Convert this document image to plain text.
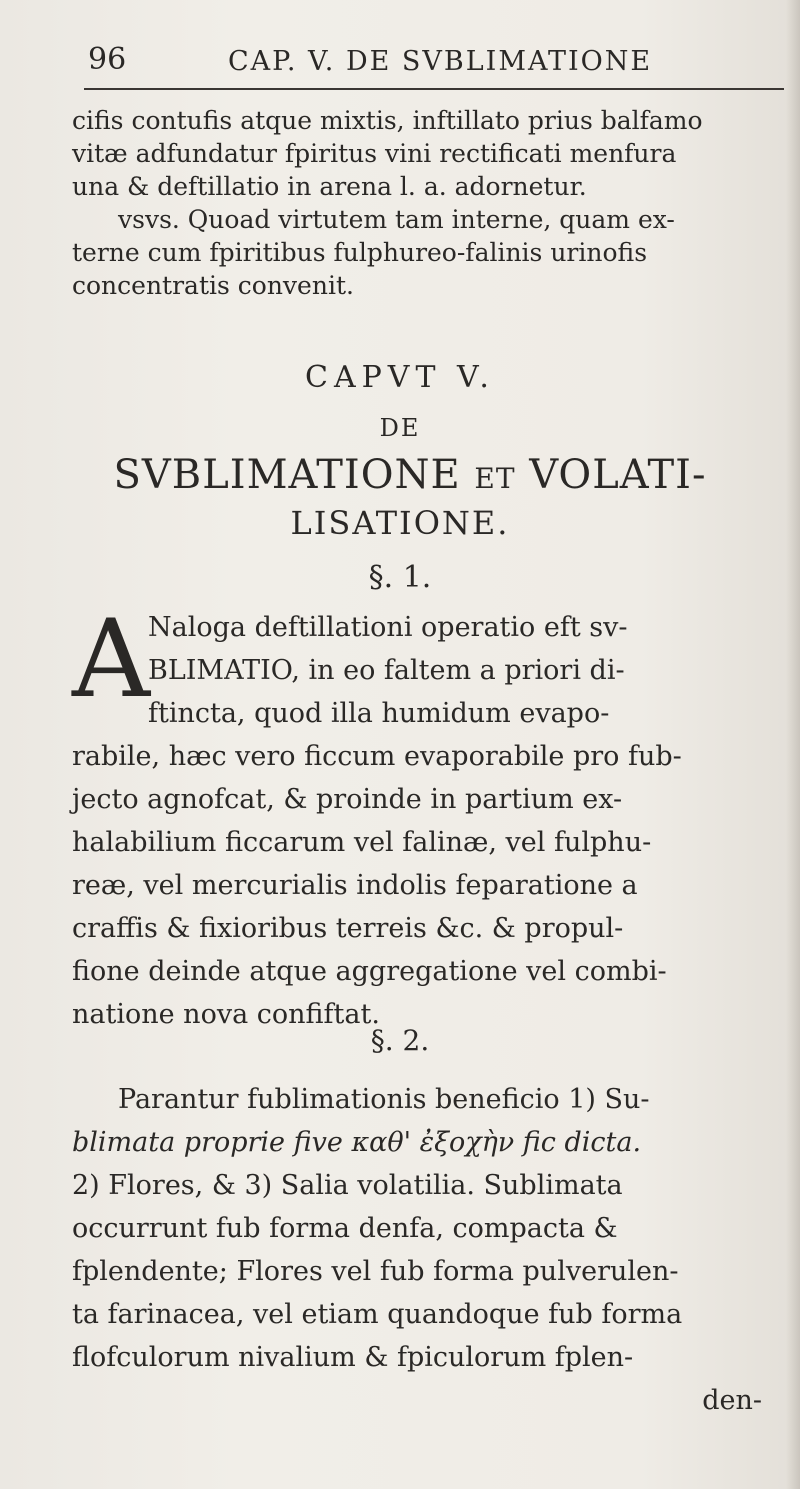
96	CAP. V. DE SVBLIMATIONE

cifis contufis atque mixtis, inftillato prius balfamo
vitæ adfundatur fpiritus vini rectificati menfura
una & deftillatio in arena l. a. adornetur.

vsvs. Quoad virtutem tam interne, quam ex-
terne cum fpiritibus fulphureo-falinis urinofis
concentratis convenit.

CAPVT V.

DE

SVBLIMATIONE ET VOLATI-

LISATIONE.

§. 1.

A

Naloga deftillationi operatio eft sv-
BLIMATIO, in eo faltem a priori di-
ftincta, quod illa humidum evapo-
rabile, hæc vero ficcum evaporabile pro fub-
jecto agnofcat, & proinde in partium ex-
halabilium ficcarum vel falinæ, vel fulphu-
reæ, vel mercurialis indolis feparatione a
craffis & fixioribus terreis &c. & propul-
fione deinde atque aggregatione vel combi-
natione nova confiftat.

§. 2.

Parantur fublimationis beneficio 1) Su-
blimata proprie five καθ' ἐξοχὴν fic dicta.
2) Flores, & 3) Salia volatilia. Sublimata
occurrunt fub forma denfa, compacta &
fplendente; Flores vel fub forma pulverulen-
ta farinacea, vel etiam quandoque fub forma
flofculorum nivalium & fpiculorum fplen-
den-
